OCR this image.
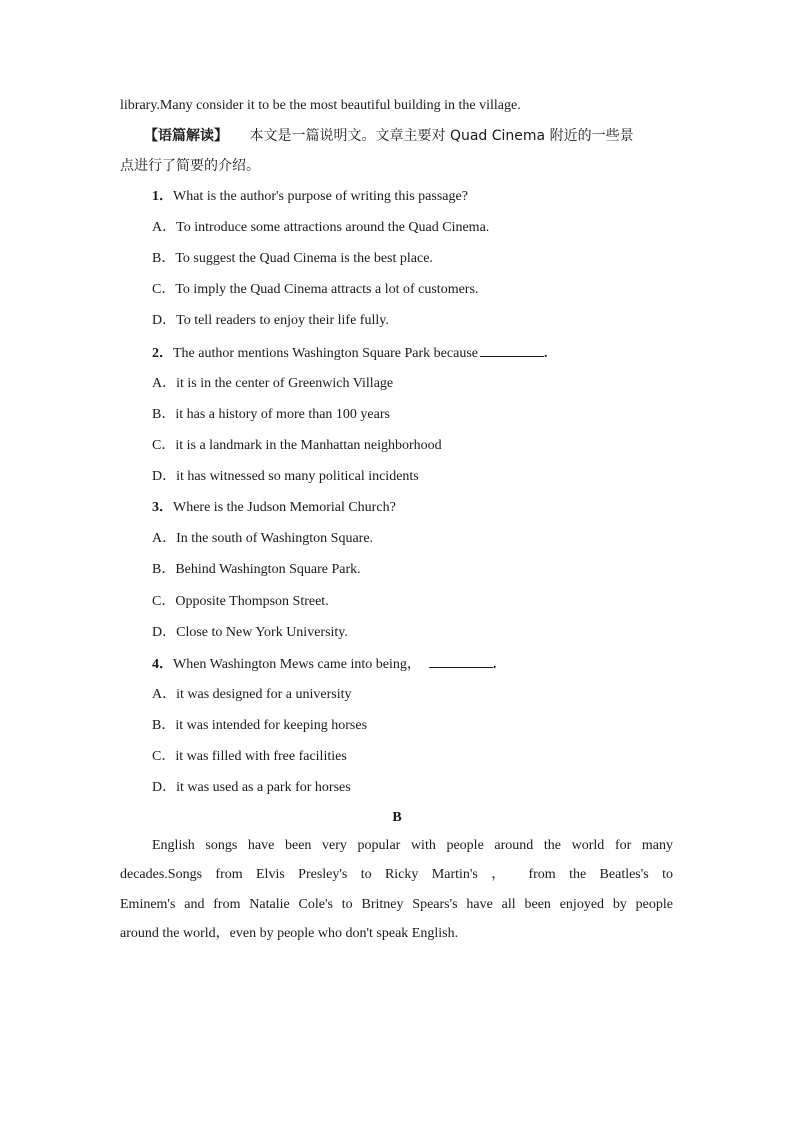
library.Many consider it to be the most beautiful building in the village.
【语篇解读】 本文是一篇说明文。文章主要对 Quad Cinema 附近的一些景
点进行了简要的介绍。
1．What is the author's purpose of writing this passage?
A．To introduce some attractions around the Quad Cinema.
B．To suggest the Quad Cinema is the best place.
C．To imply the Quad Cinema attracts a lot of customers.
D．To tell readers to enjoy their life fully.
2．The author mentions Washington Square Park because	.
A．it is in the center of Greenwich Village
B．it has a history of more than 100 years
C．it is a landmark in the Manhattan neighborhood
D．it has witnessed so many political incidents
3．Where is the Judson Memorial Church?
A．In the south of Washington Square.
B．Behind Washington Square Park.
C．Opposite Thompson Street.
D．Close to New York University.
4．When Washington Mews came into being，	.
A．it was designed for a university
B．it was intended for keeping horses
C．it was filled with free facilities
D．it was used as a park for horses
B
English songs have been very popular with people around the world for many
decades.Songs from Elvis Presley's to Ricky Martin's ， from the Beatles's to
Eminem's and from Natalie Cole's to Britney Spears's have all been enjoyed by people
around the world，even by people who don't speak English.
